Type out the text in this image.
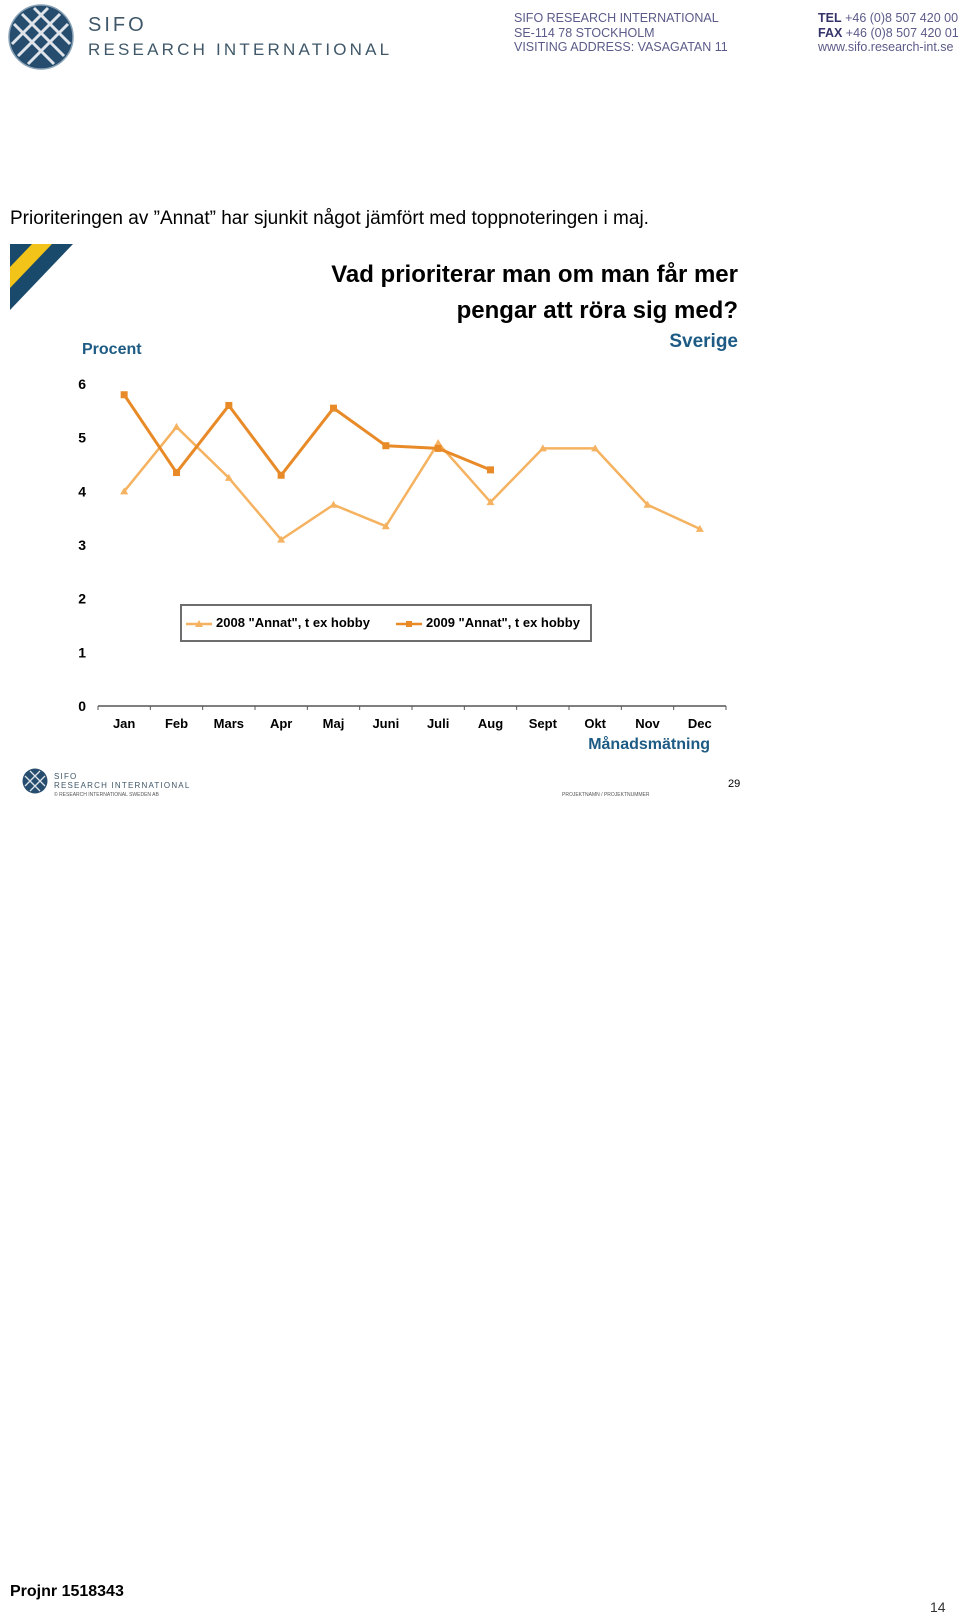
SIFO
RESEARCH INTERNATIONAL
SIFO RESEARCH INTERNATIONAL
SE-114 78 STOCKHOLM
VISITING ADDRESS: VASAGATAN 11
TEL +46 (0)8 507 420 00
FAX +46 (0)8 507 420 01
www.sifo.research-int.se
Prioriteringen av ”Annat” har sjunkit något jämfört med toppnoteringen i maj.
Vad prioriterar man om man får mer
pengar att röra sig med?
Sverige
Procent
Månadsmätning
Jan Feb Mars Apr Maj Juni Juli Aug Sept Okt Nov Dec
0
1
2
3
4
5
6
2008 "Annat", t ex hobby	2009 "Annat", t ex hobby
SIFO
RESEARCH INTERNATIONAL
© RESEARCH INTERNATIONAL SWEDEN AB	PROJEKTNAMN / PROJEKTNUMMER
29
Projnr 1518343
14
